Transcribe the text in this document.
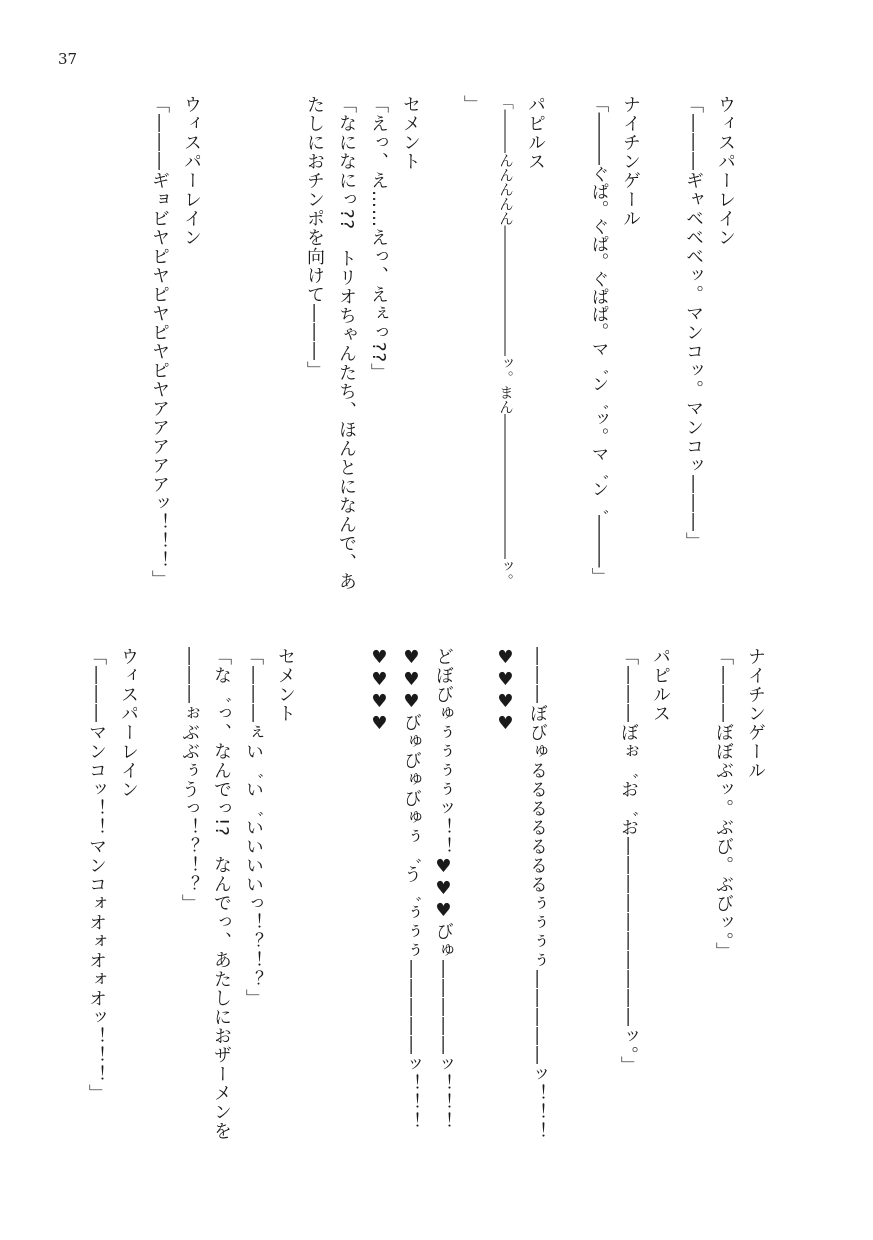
37
ウィスパーレイン
「―――ギャベベベッ。マンコッ。マンコッ―――」
ナイチンゲール
「―――ぐぱ。ぐぱ。ぐぱぱ。マ゛ン゛ッ。マ゛ン゛―――」
パピルス
「―――んんんんん―――――――――ッ。まん――――――――――ッ。
」
セメント
「えっ、え……えっ、えぇっ??」
「なになにっ??　トリオちゃんたち、ほんとになんで、あ
たしにおチンポを向けて―――」
ウィスパーレイン
「―――ギョビヤピヤピヤピヤピヤアアアアアッ！！！」
ナイチンゲール
「―――ぼぼぶッ。ぶび。ぶびッ。」
パピルス
「―――ぼぉ゛お゛お――――――――――ッ。」
―――ぼびゅるるるるるるるぅぅぅぅ―――――ッ！！！
♥♥♥♥
どぼびゅぅぅぅぅッ！！♥♥♥びゅ―――――ッ！！！
♥♥♥びゅびゅびゅぅ゛う゛ぅぅぅ―――――ッ！！！
♥♥♥♥
セメント
「―――ぇい゛い゛いいいいっ！？！？」
「な゛っ、なんでっ!?　なんでっ、あたしにおザーメンを
―――ぉぶぶぅうっ！？！？」
ウィスパーレイン
「―――マンコッ！！マンコォオォオォオッ！！！」
